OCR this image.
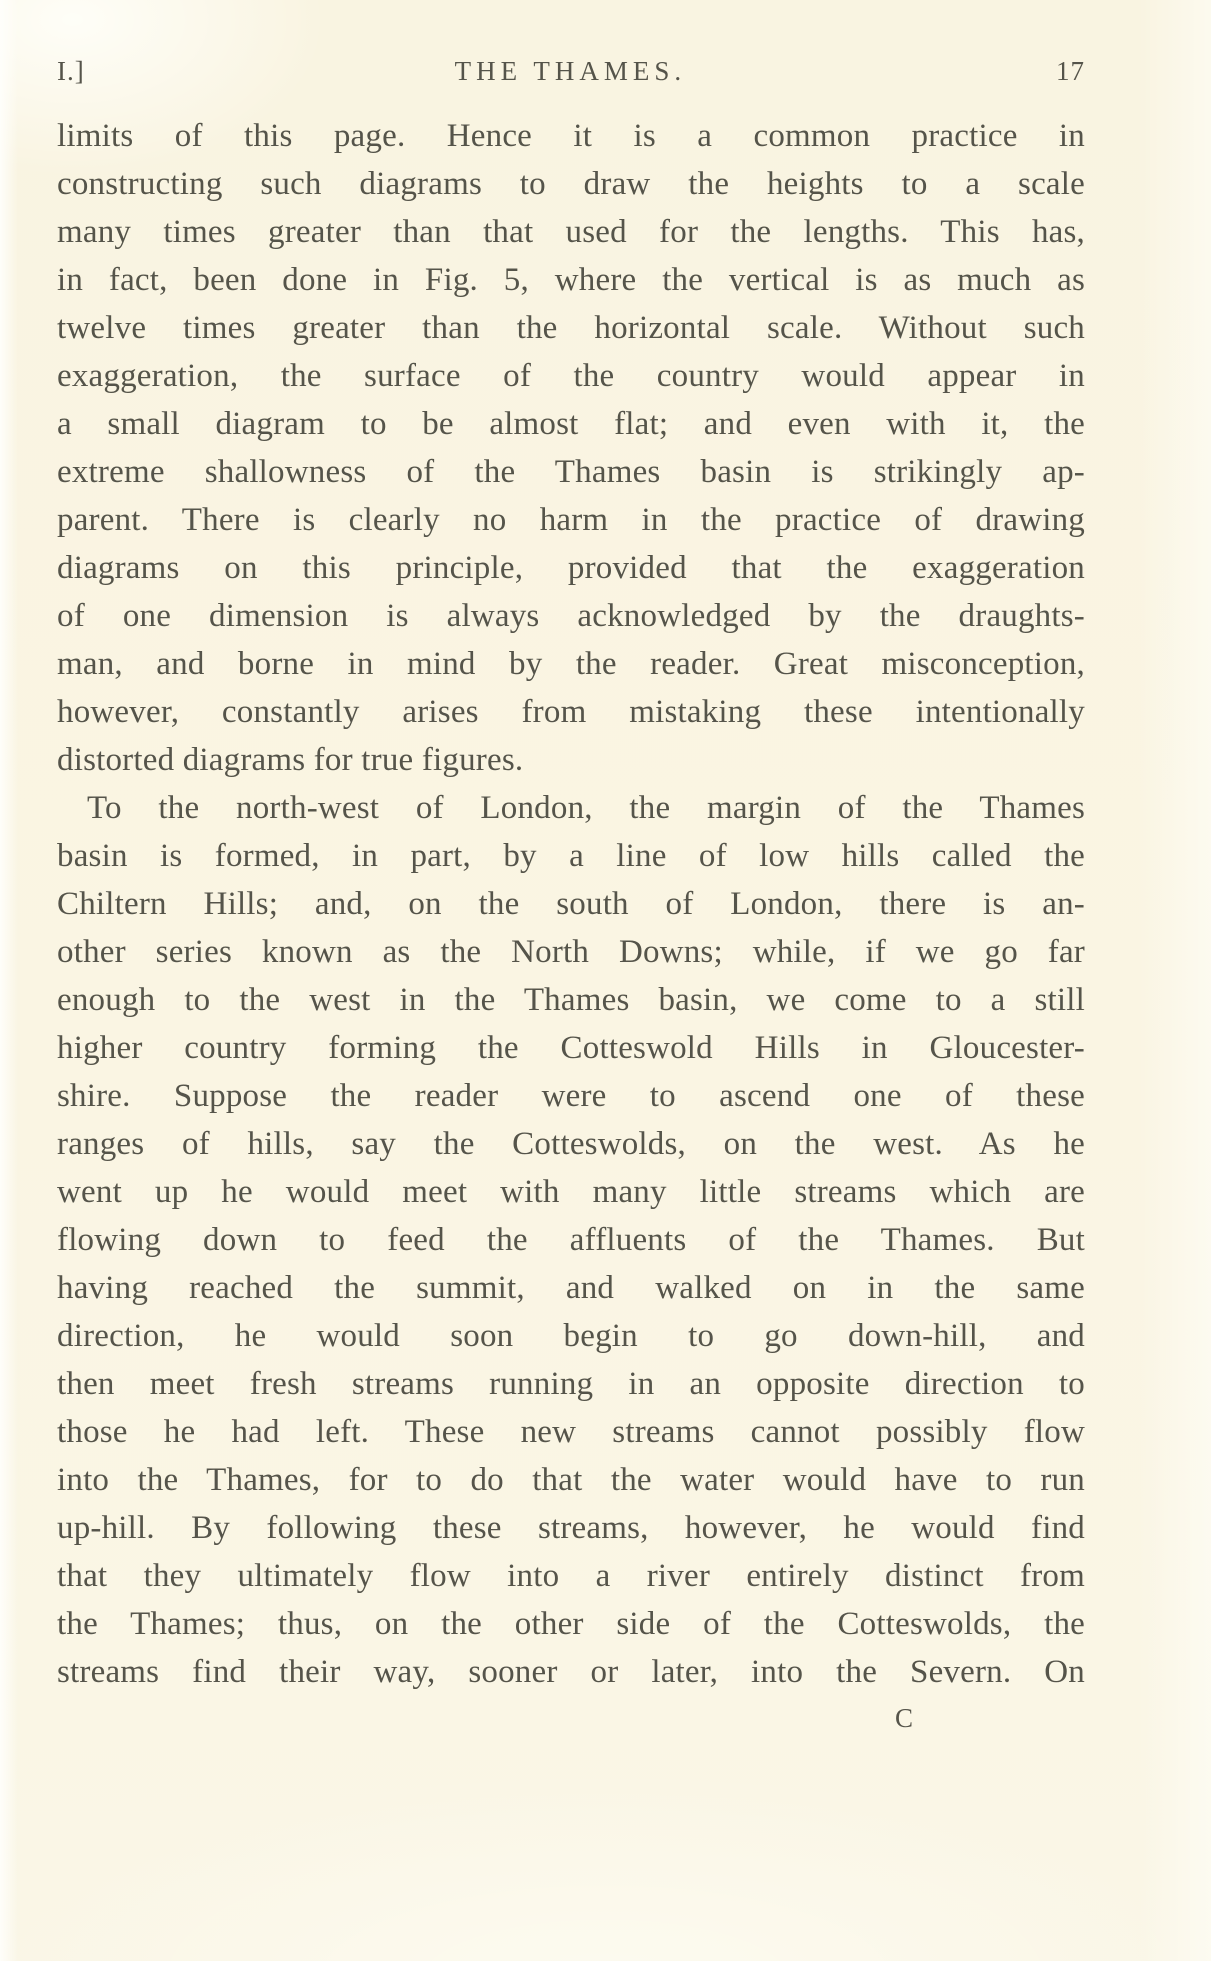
I.]	THE THAMES.	17
limits of this page. Hence it is a common practice in
constructing such diagrams to draw the heights to a scale
many times greater than that used for the lengths. This has,
in fact, been done in Fig. 5, where the vertical is as much as
twelve times greater than the horizontal scale. Without such
exaggeration, the surface of the country would appear in
a small diagram to be almost flat; and even with it, the
extreme shallowness of the Thames basin is strikingly ap-
parent. There is clearly no harm in the practice of drawing
diagrams on this principle, provided that the exaggeration
of one dimension is always acknowledged by the draughts-
man, and borne in mind by the reader. Great misconception,
however, constantly arises from mistaking these intentionally
distorted diagrams for true figures.
To the north-west of London, the margin of the Thames
basin is formed, in part, by a line of low hills called the
Chiltern Hills; and, on the south of London, there is an-
other series known as the North Downs; while, if we go far
enough to the west in the Thames basin, we come to a still
higher country forming the Cotteswold Hills in Gloucester-
shire. Suppose the reader were to ascend one of these
ranges of hills, say the Cotteswolds, on the west. As he
went up he would meet with many little streams which are
flowing down to feed the affluents of the Thames. But
having reached the summit, and walked on in the same
direction, he would soon begin to go down-hill, and
then meet fresh streams running in an opposite direction to
those he had left. These new streams cannot possibly flow
into the Thames, for to do that the water would have to run
up-hill. By following these streams, however, he would find
that they ultimately flow into a river entirely distinct from
the Thames; thus, on the other side of the Cotteswolds, the
streams find their way, sooner or later, into the Severn. On
C
